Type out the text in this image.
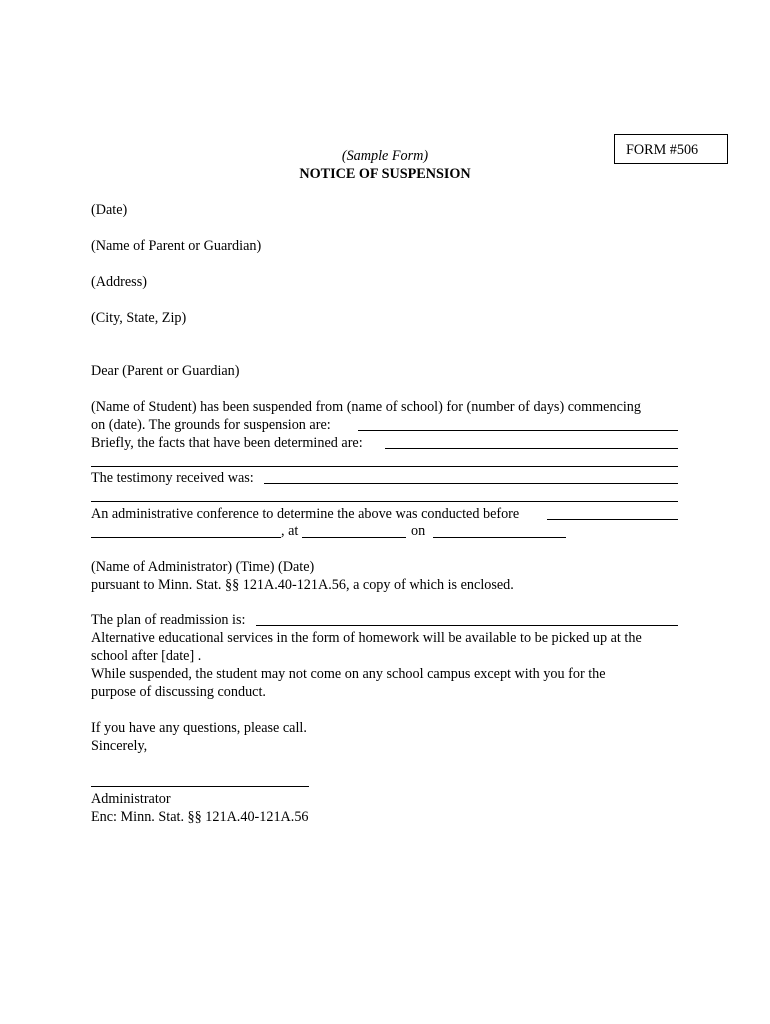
FORM #506
(Sample Form)
NOTICE OF SUSPENSION
(Date)
(Name of Parent or Guardian)
(Address)
(City, State, Zip)
Dear (Parent or Guardian)
(Name of Student) has been suspended from (name of school) for (number of days) commencing
on (date). The grounds for suspension are:
Briefly, the facts that have been determined are:
The testimony received was:
An administrative conference to determine the above was conducted before
, at	on
(Name of Administrator) (Time) (Date)
pursuant to Minn. Stat. §§ 121A.40-121A.56, a copy of which is enclosed.
The plan of readmission is:
Alternative educational services in the form of homework will be available to be picked up at the
school after [date] .
While suspended, the student may not come on any school campus except with you for the
purpose of discussing conduct.
If you have any questions, please call.
Sincerely,
Administrator
Enc: Minn. Stat. §§ 121A.40-121A.56
